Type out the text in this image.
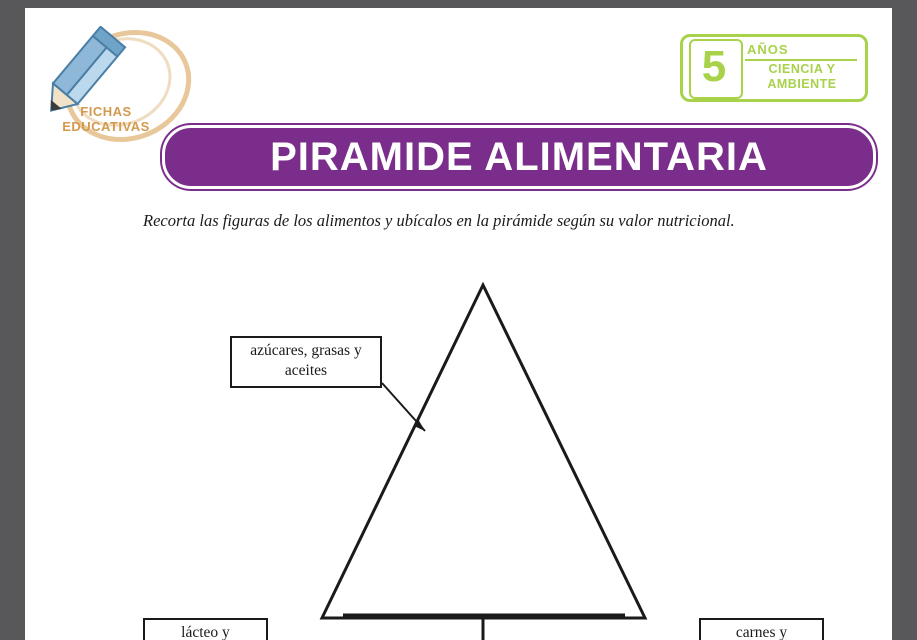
FICHAS
EDUCATIVAS
5	AÑOS
CIENCIA Y
AMBIENTE
PIRAMIDE ALIMENTARIA
Recorta las figuras de los alimentos y ubícalos en la pirámide según su valor nutricional.
azúcares, grasas y aceites
lácteo y	carnes y
